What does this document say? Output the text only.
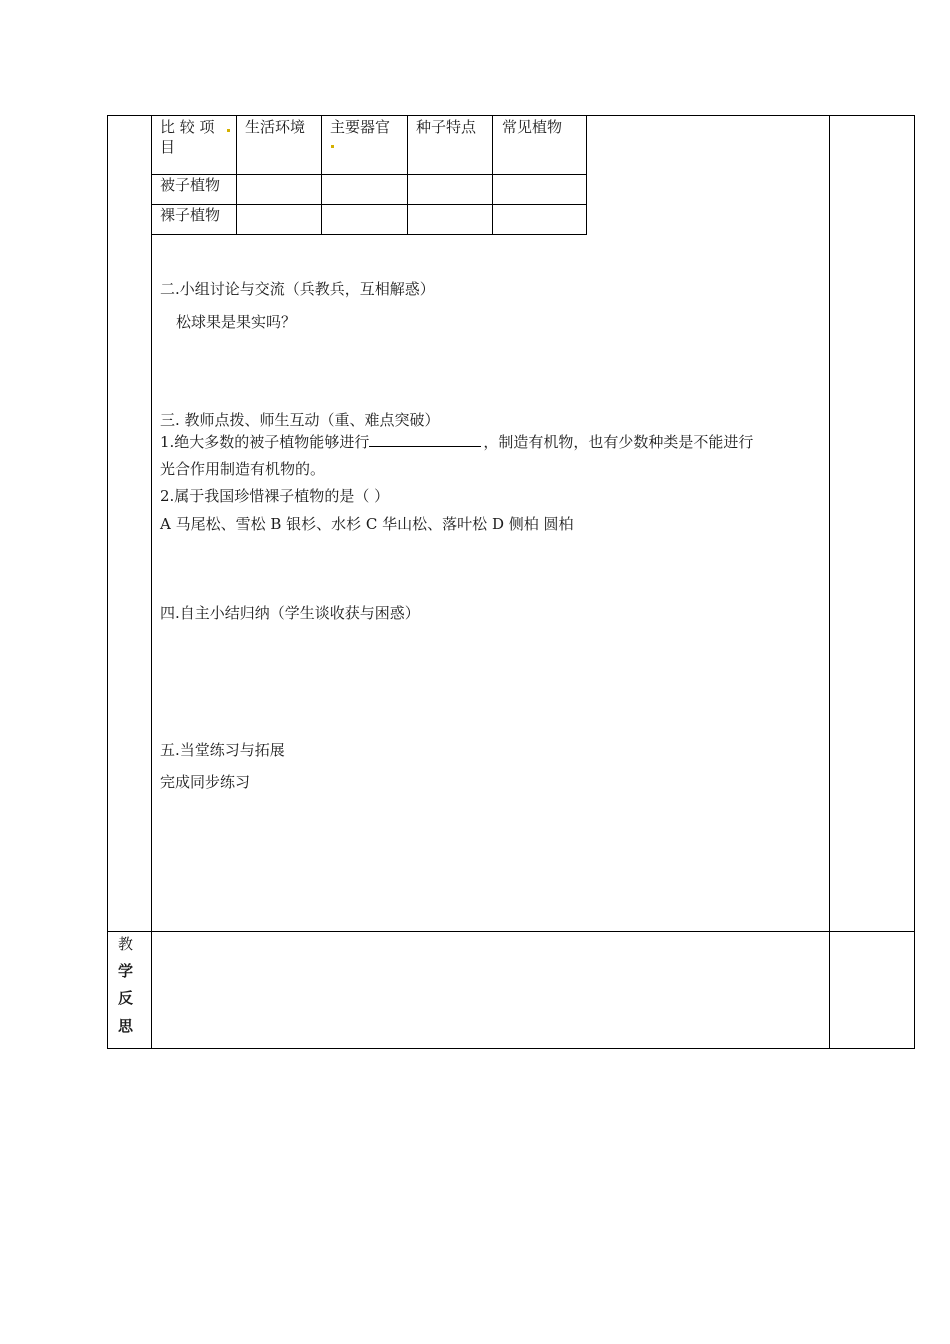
比 较 项 目
生活环境 主要器官 种子特点 常见植物
被子植物
裸子植物
二.小组讨论与交流（兵教兵，互相解惑）
松球果是果实吗？
三. 教师点拨、师生互动（重、难点突破）
1.绝大多数的被子植物能够进行	，制造有机物，也有少数种类是不能进行
光合作用制造有机物的。
2.属于我国珍惜裸子植物的是（ ）
A 马尾松、雪松 B 银杉、水杉 C 华山松、落叶松 D 侧柏 圆柏
四.自主小结归纳（学生谈收获与困惑）
五.当堂练习与拓展
完成同步练习
教
学
反
思
